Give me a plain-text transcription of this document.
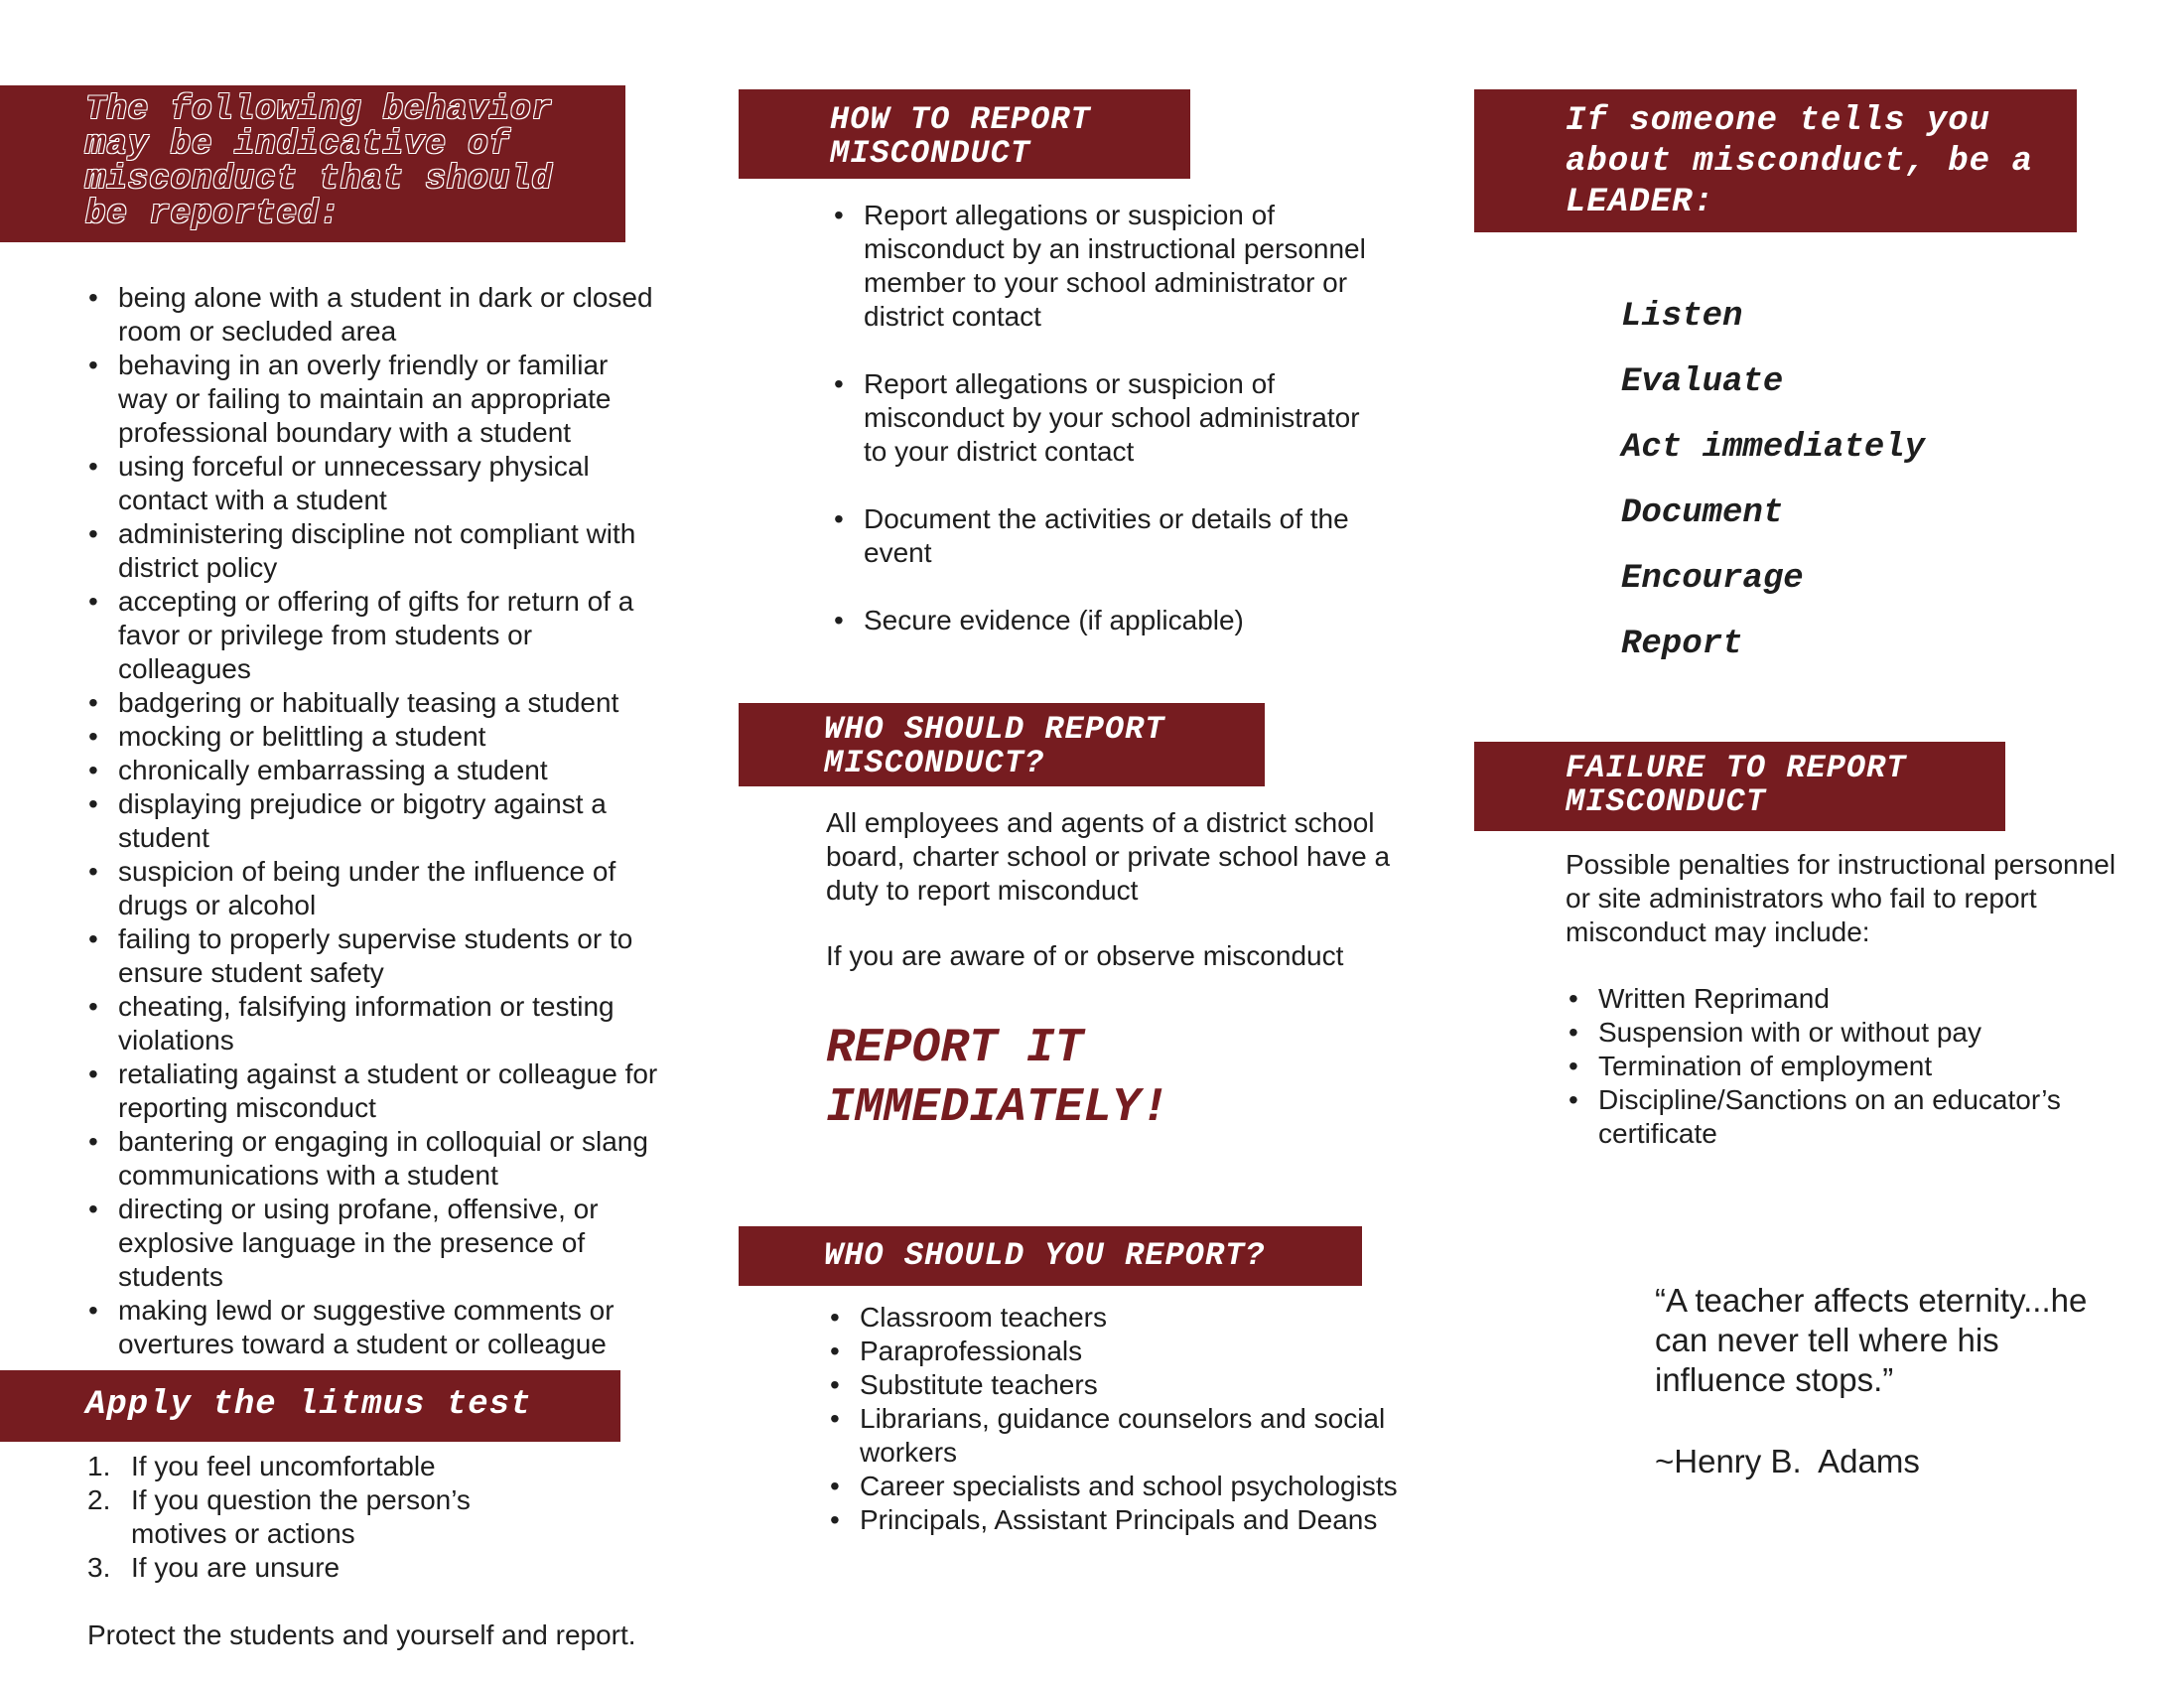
The following behavior may be indicative of misconduct that should be reported:
• being alone with a student in dark or closed room or secluded area
• behaving in an overly friendly or familiar way or failing to maintain an appropriate professional boundary with a student
• using forceful or unnecessary physical contact with a student
• administering discipline not compliant with district policy
• accepting or offering of gifts for return of a favor or privilege from students or colleagues
• badgering or habitually teasing a student
• mocking or belittling a student
• chronically embarrassing a student
• displaying prejudice or bigotry against a student
• suspicion of being under the influence of drugs or alcohol
• failing to properly supervise students or to ensure student safety
• cheating, falsifying information or testing violations
• retaliating against a student or colleague for reporting misconduct
• bantering or engaging in colloquial or slang communications with a student
• directing or using profane, offensive, or explosive language in the presence of students
• making lewd or suggestive comments or overtures toward a student or colleague
Apply the litmus test
1. If you feel uncomfortable
2. If you question the person’s motives or actions
3. If you are unsure
Protect the students and yourself and report.
HOW TO REPORT MISCONDUCT
• Report allegations or suspicion of misconduct by an instructional personnel member to your school administrator or district contact
• Report allegations or suspicion of misconduct by your school administrator to your district contact
• Document the activities or details of the event
• Secure evidence (if applicable)
WHO SHOULD REPORT MISCONDUCT?
All employees and agents of a district school board, charter school or private school have a duty to report misconduct
If you are aware of or observe misconduct
REPORT IT IMMEDIATELY!
WHO SHOULD YOU REPORT?
• Classroom teachers
• Paraprofessionals
• Substitute teachers
• Librarians, guidance counselors and social workers
• Career specialists and school psychologists
• Principals, Assistant Principals and Deans
If someone tells you about misconduct, be a LEADER:
Listen
Evaluate
Act immediately
Document
Encourage
Report
FAILURE TO REPORT MISCONDUCT
Possible penalties for instructional personnel or site administrators who fail to report misconduct may include:
• Written Reprimand
• Suspension with or without pay
• Termination of employment
• Discipline/Sanctions on an educator’s certificate
“A teacher affects eternity...he can never tell where his influence stops.”
~Henry B.  Adams
